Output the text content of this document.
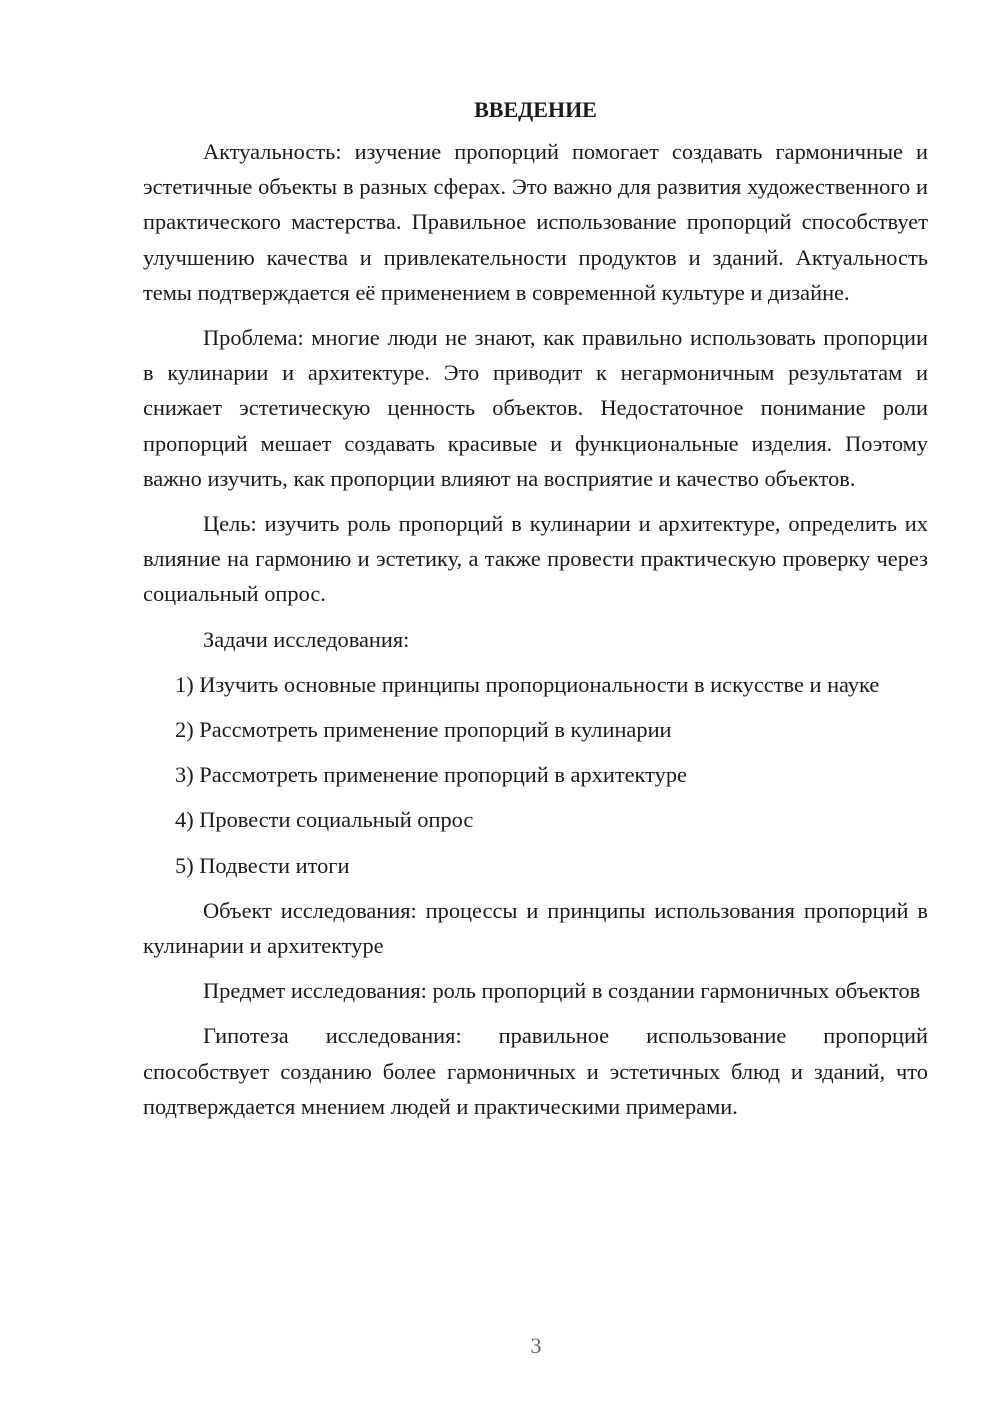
ВВЕДЕНИЕ

Актуальность: изучение пропорций помогает создавать гармоничные и эстетичные объекты в разных сферах. Это важно для развития художественного и практического мастерства. Правильное использование пропорций способствует улучшению качества и привлекательности продуктов и зданий. Актуальность темы подтверждается её применением в современной культуре и дизайне.

Проблема: многие люди не знают, как правильно использовать пропорции в кулинарии и архитектуре. Это приводит к негармоничным результатам и снижает эстетическую ценность объектов. Недостаточное понимание роли пропорций мешает создавать красивые и функциональные изделия. Поэтому важно изучить, как пропорции влияют на восприятие и качество объектов.

Цель: изучить роль пропорций в кулинарии и архитектуре, определить их влияние на гармонию и эстетику, а также провести практическую проверку через социальный опрос.

Задачи исследования:

1) Изучить основные принципы пропорциональности в искусстве и науке

2) Рассмотреть применение пропорций в кулинарии

3) Рассмотреть применение пропорций в архитектуре

4) Провести социальный опрос

5) Подвести итоги

Объект исследования: процессы и принципы использования пропорций в кулинарии и архитектуре

Предмет исследования: роль пропорций в создании гармоничных объектов

Гипотеза исследования: правильное использование пропорций способствует созданию более гармоничных и эстетичных блюд и зданий, что подтверждается мнением людей и практическими примерами.

3
